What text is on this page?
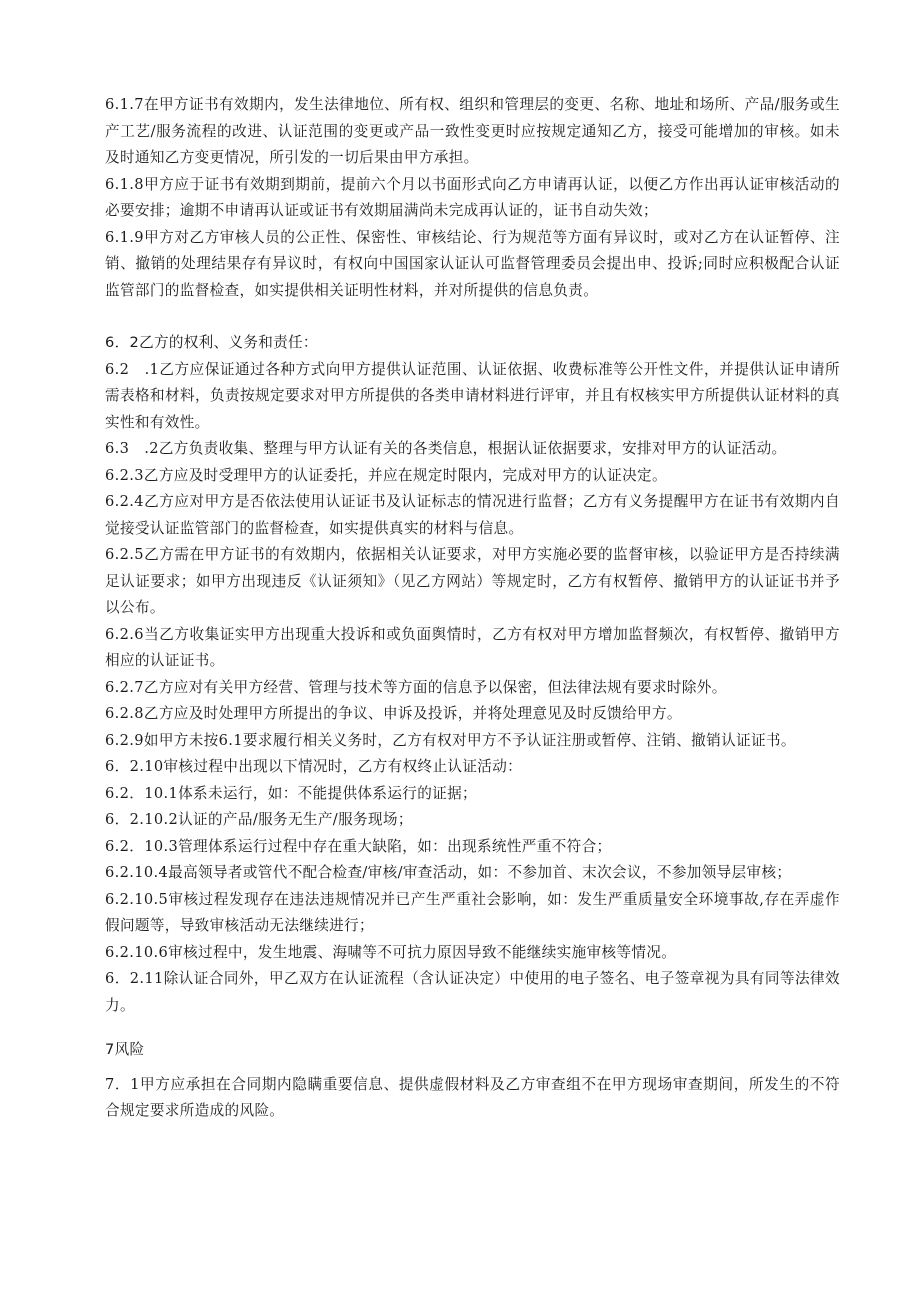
6.1.7在甲方证书有效期内，发生法律地位、所有权、组织和管理层的变更、名称、地址和场所、产品/服务或生产工艺/服务流程的改进、认证范围的变更或产品一致性变更时应按规定通知乙方，接受可能增加的审核。如未及时通知乙方变更情况，所引发的一切后果由甲方承担。

6.1.8甲方应于证书有效期到期前，提前六个月以书面形式向乙方申请再认证，以便乙方作出再认证审核活动的必要安排；逾期不申请再认证或证书有效期届满尚未完成再认证的，证书自动失效；

6.1.9甲方对乙方审核人员的公正性、保密性、审核结论、行为规范等方面有异议时，或对乙方在认证暂停、注销、撤销的处理结果存有异议时，有权向中国国家认证认可监督管理委员会提出申、投诉;同时应积极配合认证监管部门的监督检查，如实提供相关证明性材料，并对所提供的信息负责。

6．2乙方的权利、义务和责任：

6.2　.1乙方应保证通过各种方式向甲方提供认证范围、认证依据、收费标准等公开性文件，并提供认证申请所需表格和材料，负责按规定要求对甲方所提供的各类申请材料进行评审，并且有权核实甲方所提供认证材料的真实性和有效性。

6.3　.2乙方负责收集、整理与甲方认证有关的各类信息，根据认证依据要求，安排对甲方的认证活动。

6.2.3乙方应及时受理甲方的认证委托，并应在规定时限内，完成对甲方的认证决定。

6.2.4乙方应对甲方是否依法使用认证证书及认证标志的情况进行监督；乙方有义务提醒甲方在证书有效期内自觉接受认证监管部门的监督检查，如实提供真实的材料与信息。

6.2.5乙方需在甲方证书的有效期内，依据相关认证要求，对甲方实施必要的监督审核，以验证甲方是否持续满足认证要求；如甲方出现违反《认证须知》（见乙方网站）等规定时，乙方有权暂停、撤销甲方的认证证书并予以公布。

6.2.6当乙方收集证实甲方出现重大投诉和或负面舆情时，乙方有权对甲方增加监督频次，有权暂停、撤销甲方相应的认证证书。

6.2.7乙方应对有关甲方经营、管理与技术等方面的信息予以保密，但法律法规有要求时除外。

6.2.8乙方应及时处理甲方所提出的争议、申诉及投诉，并将处理意见及时反馈给甲方。

6.2.9如甲方未按6.1要求履行相关义务时，乙方有权对甲方不予认证注册或暂停、注销、撤销认证证书。

6．2.10审核过程中出现以下情况时，乙方有权终止认证活动：

6.2．10.1体系未运行，如：不能提供体系运行的证据；

6．2.10.2认证的产品/服务无生产/服务现场；

6.2．10.3管理体系运行过程中存在重大缺陷，如：出现系统性严重不符合；

6.2.10.4最高领导者或管代不配合检查/审核/审查活动，如：不参加首、末次会议，不参加领导层审核；

6.2.10.5审核过程发现存在违法违规情况并已产生严重社会影响，如：发生严重质量安全环境事故,存在弄虚作假问题等，导致审核活动无法继续进行；

6.2.10.6审核过程中，发生地震、海啸等不可抗力原因导致不能继续实施审核等情况。

6．2.11除认证合同外，甲乙双方在认证流程（含认证决定）中使用的电子签名、电子签章视为具有同等法律效力。

7风险

7．1甲方应承担在合同期内隐瞒重要信息、提供虚假材料及乙方审查组不在甲方现场审查期间，所发生的不符合规定要求所造成的风险。
